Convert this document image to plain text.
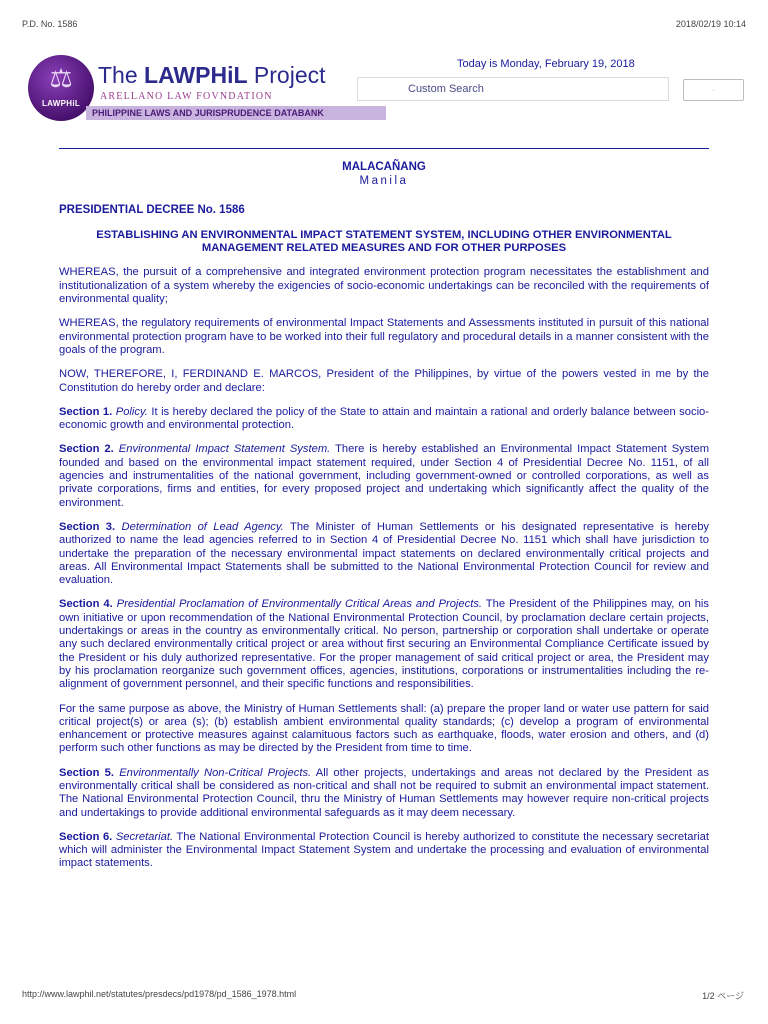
P.D. No. 1586	2018/02/19 10:14
⚖
LAWPHiL
The LAWPHiL Project
ARELLANO LAW FOVNDATION
PHILIPPINE LAWS AND JURISPRUDENCE DATABANK
Today is Monday, February 19, 2018
Custom Search
.
MALACAÑANG
Manila
PRESIDENTIAL DECREE No. 1586
ESTABLISHING AN ENVIRONMENTAL IMPACT STATEMENT SYSTEM, INCLUDING OTHER ENVIRONMENTAL MANAGEMENT RELATED MEASURES AND FOR OTHER PURPOSES
WHEREAS, the pursuit of a comprehensive and integrated environment protection program necessitates the establishment and institutionalization of a system whereby the exigencies of socio-economic undertakings can be reconciled with the requirements of environmental quality;
WHEREAS, the regulatory requirements of environmental Impact Statements and Assessments instituted in pursuit of this national environmental protection program have to be worked into their full regulatory and procedural details in a manner consistent with the goals of the program.
NOW, THEREFORE, I, FERDINAND E. MARCOS, President of the Philippines, by virtue of the powers vested in me by the Constitution do hereby order and declare:
Section 1. Policy. It is hereby declared the policy of the State to attain and maintain a rational and orderly balance between socio-economic growth and environmental protection.
Section 2. Environmental Impact Statement System. There is hereby established an Environmental Impact Statement System founded and based on the environmental impact statement required, under Section 4 of Presidential Decree No. 1151, of all agencies and instrumentalities of the national government, including government-owned or controlled corporations, as well as private corporations, firms and entities, for every proposed project and undertaking which significantly affect the quality of the environment.
Section 3. Determination of Lead Agency. The Minister of Human Settlements or his designated representative is hereby authorized to name the lead agencies referred to in Section 4 of Presidential Decree No. 1151 which shall have jurisdiction to undertake the preparation of the necessary environmental impact statements on declared environmentally critical projects and areas. All Environmental Impact Statements shall be submitted to the National Environmental Protection Council for review and evaluation.
Section 4. Presidential Proclamation of Environmentally Critical Areas and Projects. The President of the Philippines may, on his own initiative or upon recommendation of the National Environmental Protection Council, by proclamation declare certain projects, undertakings or areas in the country as environmentally critical. No person, partnership or corporation shall undertake or operate any such declared environmentally critical project or area without first securing an Environmental Compliance Certificate issued by the President or his duly authorized representative. For the proper management of said critical project or area, the President may by his proclamation reorganize such government offices, agencies, institutions, corporations or instrumentalities including the re-alignment of government personnel, and their specific functions and responsibilities.
For the same purpose as above, the Ministry of Human Settlements shall: (a) prepare the proper land or water use pattern for said critical project(s) or area (s); (b) establish ambient environmental quality standards; (c) develop a program of environmental enhancement or protective measures against calamituous factors such as earthquake, floods, water erosion and others, and (d) perform such other functions as may be directed by the President from time to time.
Section 5. Environmentally Non-Critical Projects. All other projects, undertakings and areas not declared by the President as environmentally critical shall be considered as non-critical and shall not be required to submit an environmental impact statement. The National Environmental Protection Council, thru the Ministry of Human Settlements may however require non-critical projects and undertakings to provide additional environmental safeguards as it may deem necessary.
Section 6. Secretariat. The National Environmental Protection Council is hereby authorized to constitute the necessary secretariat which will administer the Environmental Impact Statement System and undertake the processing and evaluation of environmental impact statements.
http://www.lawphil.net/statutes/presdecs/pd1978/pd_1586_1978.html	1/2 ページ
